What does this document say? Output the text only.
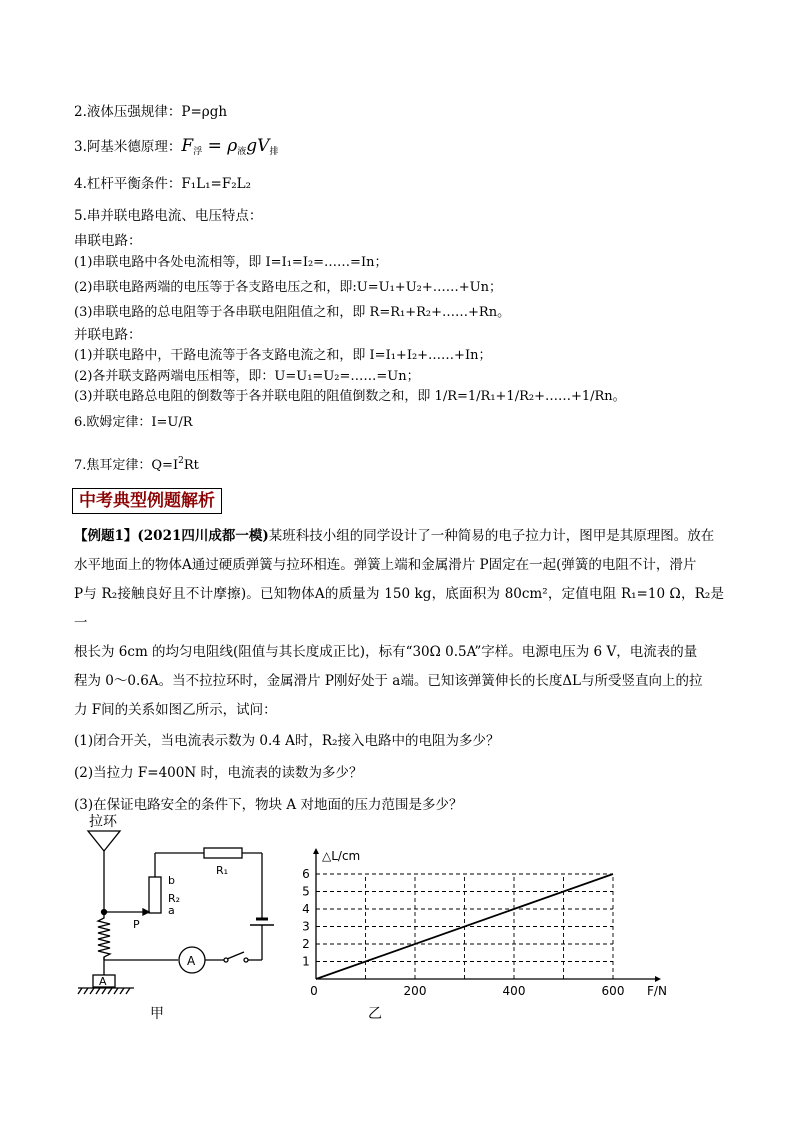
2.液体压强规律：P=ρgh
3.阿基米德原理：$F_浮 = \rho_液gV_排$
4.杠杆平衡条件：F₁L₁=F₂L₂
5.串并联电路电流、电压特点：
串联电路：
(1)串联电路中各处电流相等，即 I=I₁=I₂=……=In；
(2)串联电路两端的电压等于各支路电压之和，即:U=U₁+U₂+……+Un；
(3)串联电路的总电阻等于各串联电阻阻值之和，即 R=R₁+R₂+……+Rn。
并联电路：
(1)并联电路中，干路电流等于各支路电流之和，即 I=I₁+I₂+……+In；
(2)各并联支路两端电压相等，即：U=U₁=U₂=……=Un；
(3)并联电路总电阻的倒数等于各并联电阻的阻值倒数之和，即 1/R=1/R₁+1/R₂+……+1/Rn。
6.欧姆定律：I=U/R
7.焦耳定律：$Q=I^2Rt$
中考典型例题解析
【例题1】(2021四川成都一模)某班科技小组的同学设计了一种简易的电子拉力计，图甲是其原理图。放在
水平地面上的物体A通过硬质弹簧与拉环相连。弹簧上端和金属滑片 P固定在一起(弹簧的电阻不计，滑片
P与 R₂接触良好且不计摩擦)。已知物体A的质量为 150 kg，底面积为 80cm²，定值电阻 R₁=10 Ω，R₂是一
根长为 6cm 的均匀电阻线(阻值与其长度成正比)，标有“30Ω 0.5A”字样。电源电压为 6 V，电流表的量
程为 0～0.6A。当不拉拉环时，金属滑片 P刚好处于 a端。已知该弹簧伸长的长度ΔL与所受竖直向上的拉
力 F间的关系如图乙所示，试问：
(1)闭合开关，当电流表示数为 0.4 A时，R₂接入电路中的电阻为多少？
(2)当拉力 F=400N 时，电流表的读数为多少？
(3)在保证电路安全的条件下，物块 A 对地面的压力范围是多少？
拉环
P
A
A
R₁
b
R₂
a
甲
1
2
3
4
5
6
0	200	400	600
△L/cm
F/N
乙
